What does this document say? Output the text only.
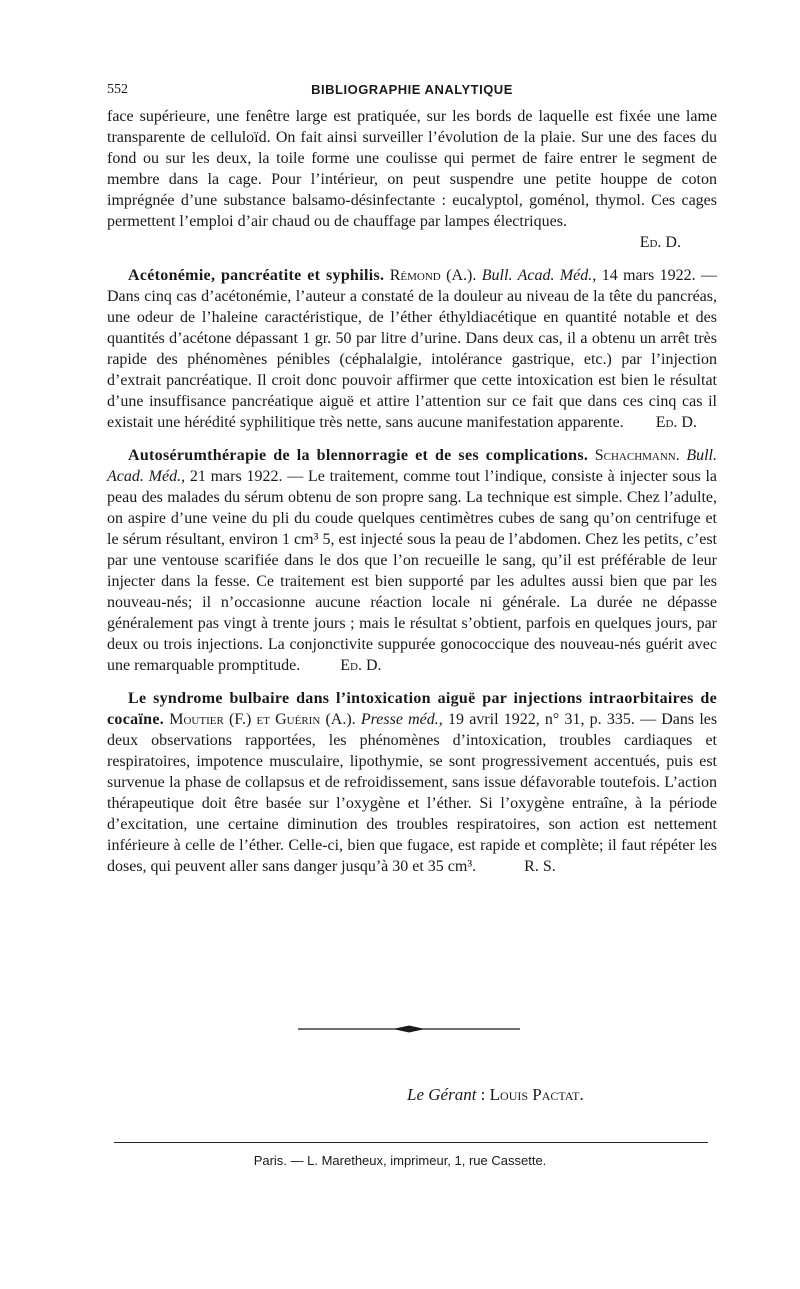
552	BIBLIOGRAPHIE ANALYTIQUE

face supérieure, une fenêtre large est pratiquée, sur les bords de laquelle est fixée une lame transparente de celluloïd. On fait ainsi surveiller l’évolution de la plaie. Sur une des faces du fond ou sur les deux, la toile forme une coulisse qui permet de faire entrer le segment de membre dans la cage. Pour l’intérieur, on peut suspendre une petite houppe de coton imprégnée d’une substance balsamo-désinfectante : eucalyptol, goménol, thymol. Ces cages permettent l’emploi d’air chaud ou de chauffage par lampes électriques.

Ed. D.

Acétonémie, pancréatite et syphilis. Rémond (A.). Bull. Acad. Méd., 14 mars 1922. — Dans cinq cas d’acétonémie, l’auteur a constaté de la douleur au niveau de la tête du pancréas, une odeur de l’haleine caractéristique, de l’éther éthyldiacétique en quantité notable et des quantités d’acétone dépassant 1 gr. 50 par litre d’urine. Dans deux cas, il a obtenu un arrêt très rapide des phénomènes pénibles (céphalalgie, intolérance gastrique, etc.) par l’injection d’extrait pancréatique. Il croit donc pouvoir affirmer que cette intoxication est bien le résultat d’une insuffisance pancréatique aiguë et attire l’attention sur ce fait que dans ces cinq cas il existait une hérédité syphilitique très nette, sans aucune manifestation apparente. Ed. D.

Autosérumthérapie de la blennorragie et de ses complications. Schachmann. Bull. Acad. Méd., 21 mars 1922. — Le traitement, comme tout l’indique, consiste à injecter sous la peau des malades du sérum obtenu de son propre sang. La technique est simple. Chez l’adulte, on aspire d’une veine du pli du coude quelques centimètres cubes de sang qu’on centrifuge et le sérum résultant, environ 1 cm³ 5, est injecté sous la peau de l’abdomen. Chez les petits, c’est par une ventouse scarifiée dans le dos que l’on recueille le sang, qu’il est préférable de leur injecter dans la fesse. Ce traitement est bien supporté par les adultes aussi bien que par les nouveau-nés; il n’occasionne aucune réaction locale ni générale. La durée ne dépasse généralement pas vingt à trente jours ; mais le résultat s’obtient, parfois en quelques jours, par deux ou trois injections. La conjonctivite suppurée gonococcique des nouveau-nés guérit avec une remarquable promptitude.	Ed. D.

Le syndrome bulbaire dans l’intoxication aiguë par injections intraorbitaires de cocaïne. Moutier (F.) et Guérin (A.). Presse méd., 19 avril 1922, n° 31, p. 335. — Dans les deux observations rapportées, les phénomènes d’intoxication, troubles cardiaques et respiratoires, impotence musculaire, lipothymie, se sont progressivement accentués, puis est survenue la phase de collapsus et de refroidissement, sans issue défavorable toutefois. L’action thérapeutique doit être basée sur l’oxygène et l’éther. Si l’oxygène entraîne, à la période d’excitation, une certaine diminution des troubles respiratoires, son action est nettement inférieure à celle de l’éther. Celle-ci, bien que fugace, est rapide et complète; il faut répéter les doses, qui peuvent aller sans danger jusqu’à 30 et 35 cm³.	R. S.

Le Gérant : Louis Pactat.
Paris. — L. Maretheux, imprimeur, 1, rue Cassette.
